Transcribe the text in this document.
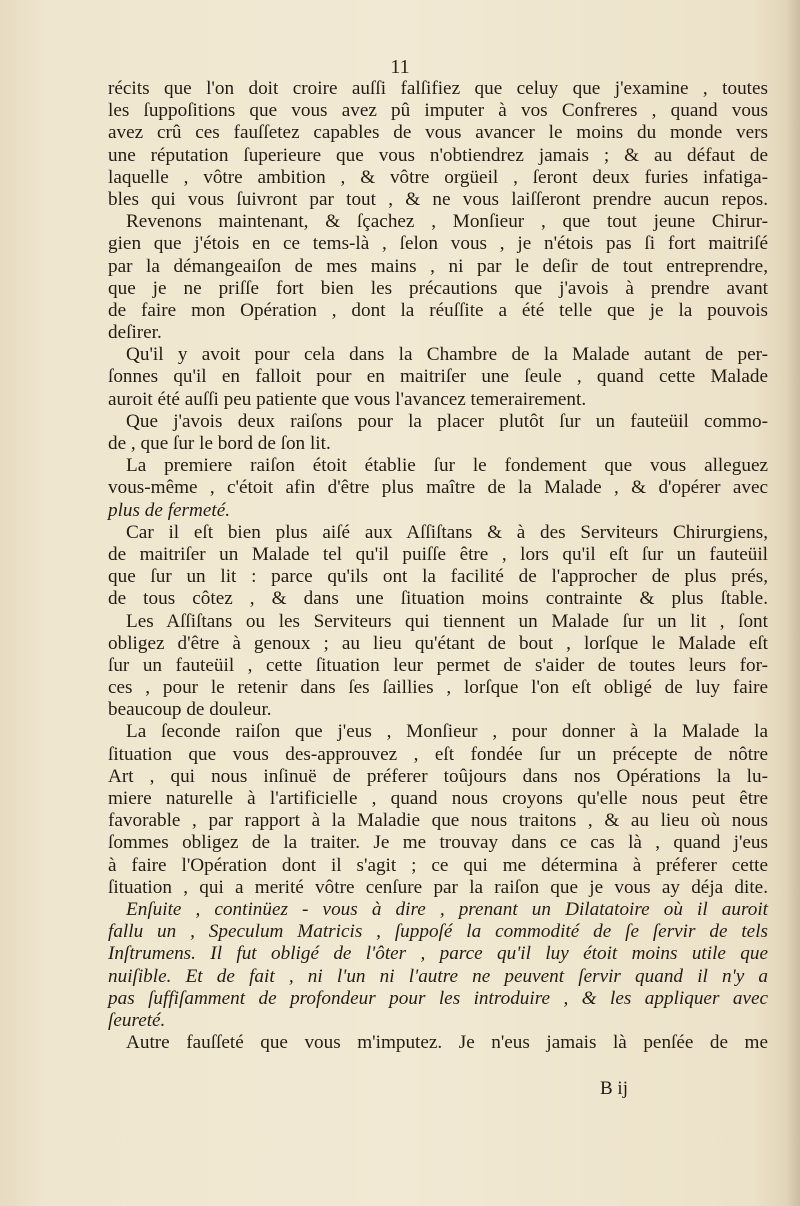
11
récits que l'on doit croire auſſi falſifiez que celuy que j'examine , toutes
les ſuppoſitions que vous avez pû imputer à vos Confreres , quand vous
avez crû ces fauſſetez capables de vous avancer le moins du monde vers
une réputation ſuperieure que vous n'obtiendrez jamais ; & au défaut de
laquelle , vôtre ambition , & vôtre orgüeil , ſeront deux furies infatiga-
bles qui vous ſuivront par tout , & ne vous laiſſeront prendre aucun repos.
Revenons maintenant, & ſçachez , Monſieur , que tout jeune Chirur-
gien que j'étois en ce tems-là , ſelon vous , je n'étois pas ſi fort maitriſé
par la démangeaiſon de mes mains , ni par le deſir de tout entreprendre,
que je ne priſſe fort bien les précautions que j'avois à prendre avant
de faire mon Opération , dont la réuſſite a été telle que je la pouvois
deſirer.
Qu'il y avoit pour cela dans la Chambre de la Malade autant de per-
ſonnes qu'il en falloit pour en maitriſer une ſeule , quand cette Malade
auroit été auſſi peu patiente que vous l'avancez temerairement.
Que j'avois deux raiſons pour la placer plutôt ſur un fauteüil commo-
de , que ſur le bord de ſon lit.
La premiere raiſon étoit établie ſur le fondement que vous alleguez
vous-même , c'étoit afin d'être plus maître de la Malade , & d'opérer avec
plus de fermeté.
Car il eſt bien plus aiſé aux Aſſiſtans & à des Serviteurs Chirurgiens,
de maitriſer un Malade tel qu'il puiſſe être , lors qu'il eſt ſur un fauteüil
que ſur un lit : parce qu'ils ont la facilité de l'approcher de plus prés,
de tous côtez , & dans une ſituation moins contrainte & plus ſtable.
Les Aſſiſtans ou les Serviteurs qui tiennent un Malade ſur un lit , ſont
obligez d'être à genoux ; au lieu qu'étant de bout , lorſque le Malade eſt
ſur un fauteüil , cette ſituation leur permet de s'aider de toutes leurs for-
ces , pour le retenir dans ſes ſaillies , lorſque l'on eſt obligé de luy faire
beaucoup de douleur.
La ſeconde raiſon que j'eus , Monſieur , pour donner à la Malade la
ſituation que vous des-approuvez , eſt fondée ſur un précepte de nôtre
Art , qui nous inſinuë de préferer toûjours dans nos Opérations la lu-
miere naturelle à l'artificielle , quand nous croyons qu'elle nous peut être
favorable , par rapport à la Maladie que nous traitons , & au lieu où nous
ſommes obligez de la traiter. Je me trouvay dans ce cas là , quand j'eus
à faire l'Opération dont il s'agit ; ce qui me détermina à préferer cette
ſituation , qui a merité vôtre cenſure par la raiſon que je vous ay déja dite.
Enſuite , continüez - vous à dire , prenant un Dilatatoire où il auroit
fallu un , Speculum Matricis , ſuppoſé la commodité de ſe ſervir de tels
Inſtrumens. Il fut obligé de l'ôter , parce qu'il luy étoit moins utile que
nuiſible. Et de fait , ni l'un ni l'autre ne peuvent ſervir quand il n'y a
pas ſuffiſamment de profondeur pour les introduire , & les appliquer avec
ſeureté.
Autre fauſſeté que vous m'imputez. Je n'eus jamais là penſée de me
B ij
